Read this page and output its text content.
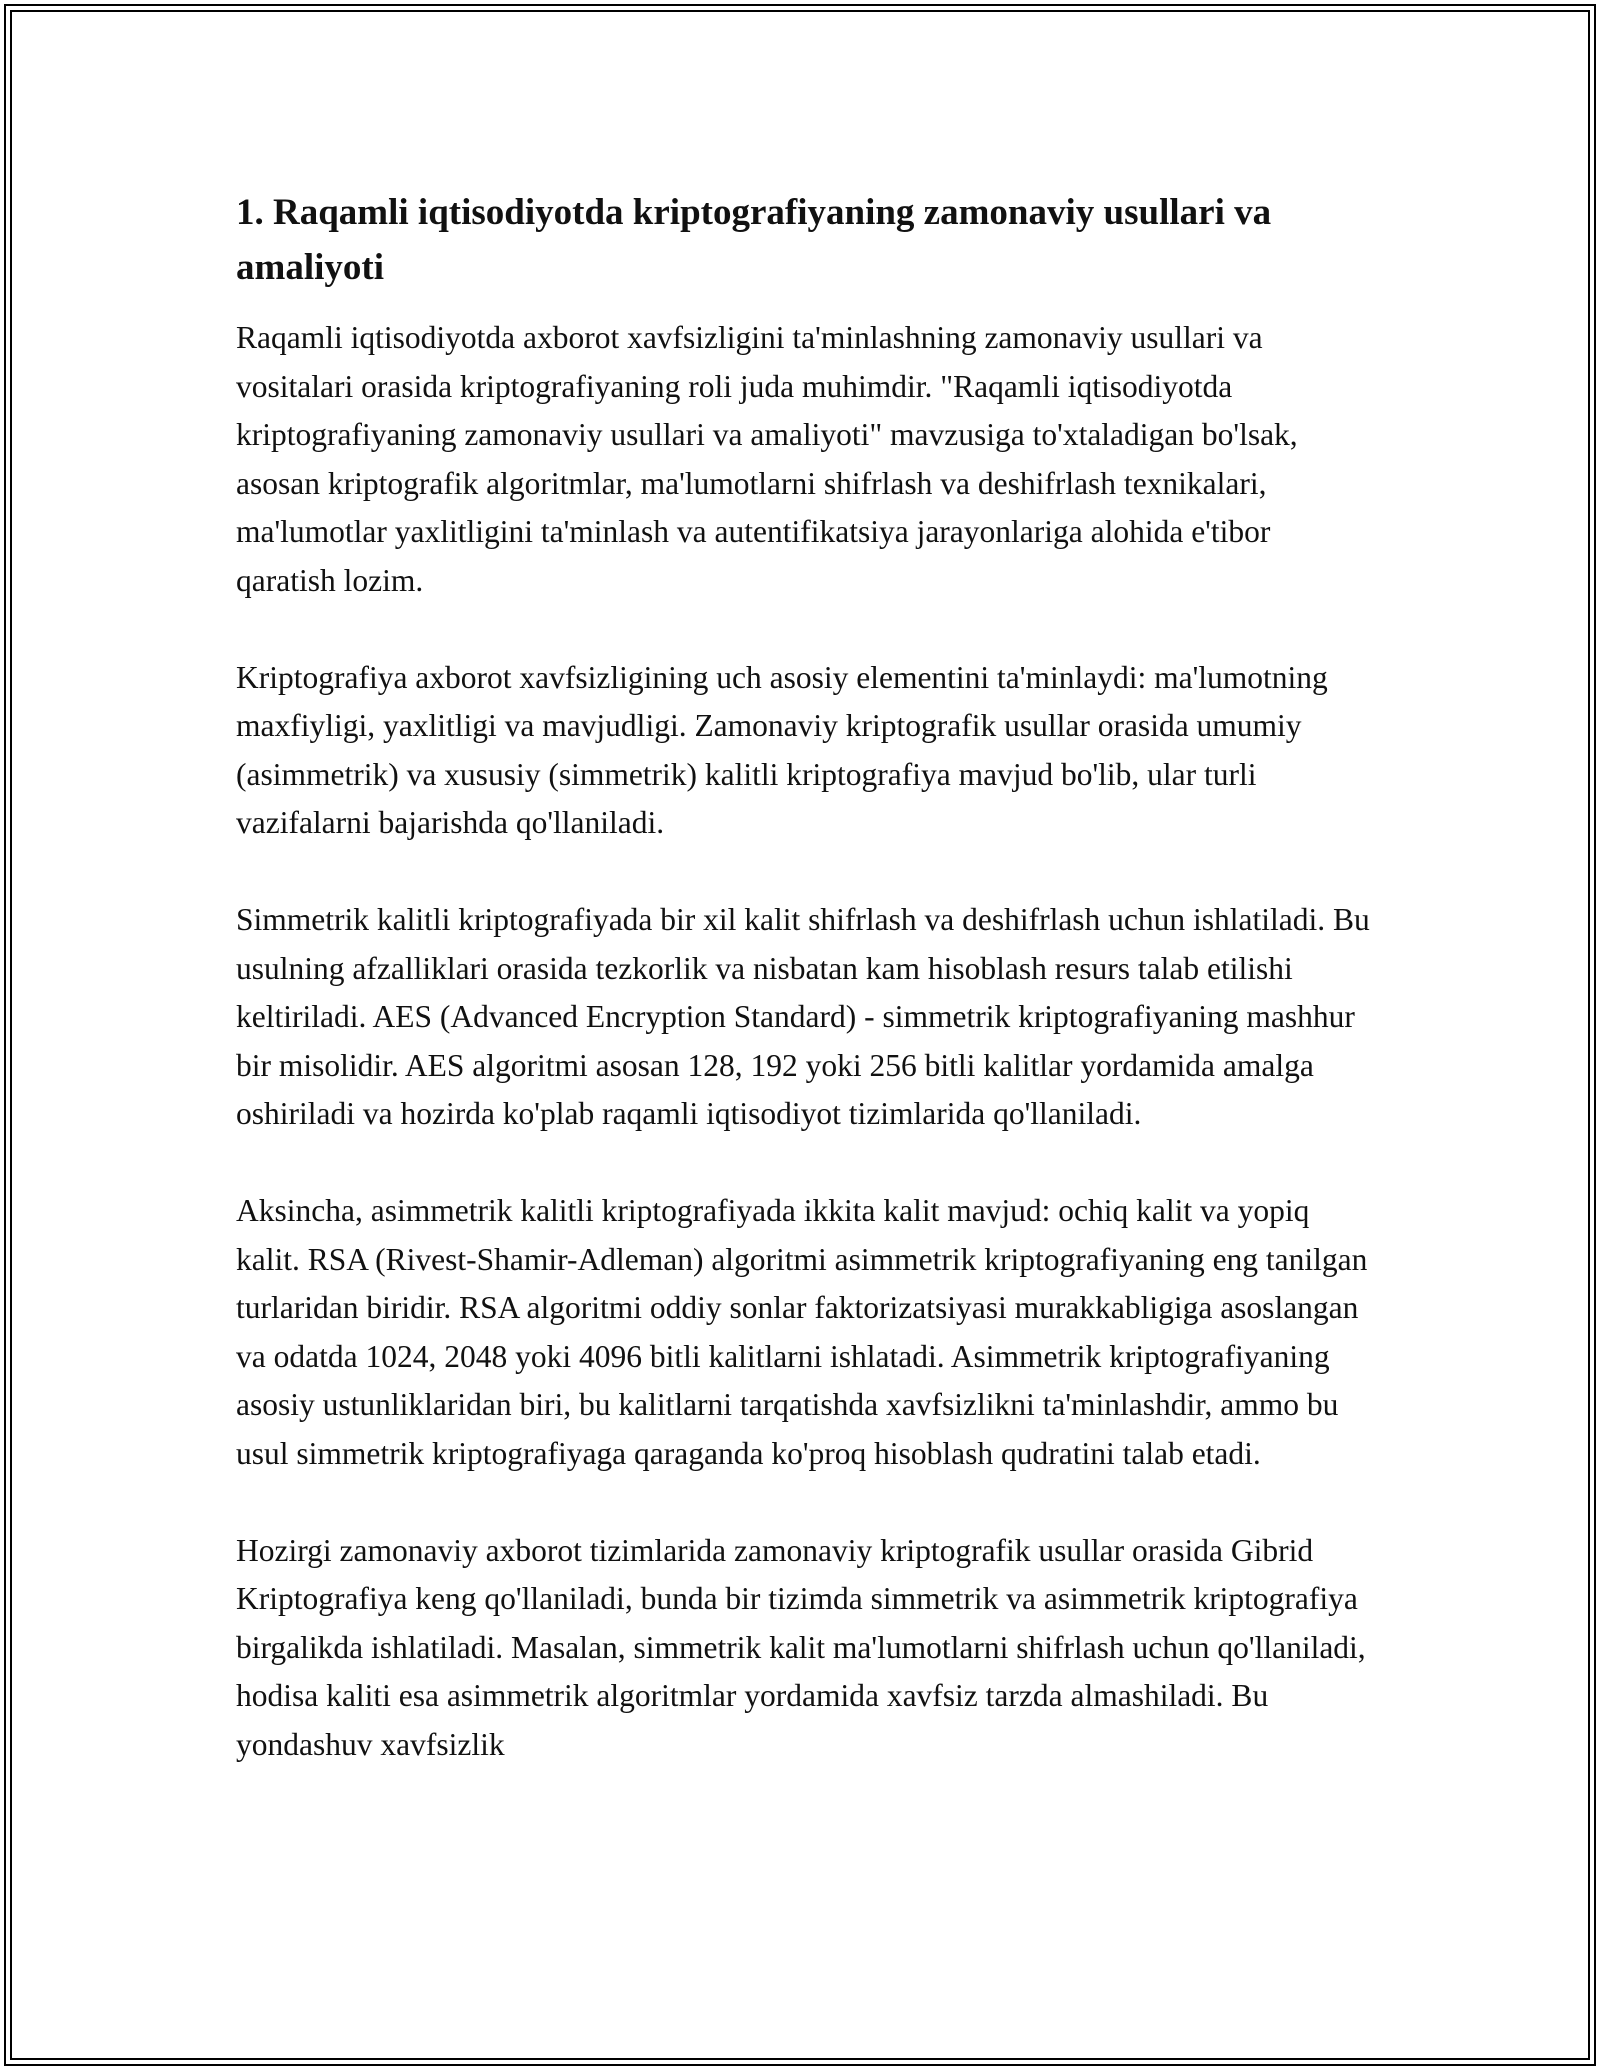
1. Raqamli iqtisodiyotda kriptografiyaning zamonaviy usullari va amaliyoti

Raqamli iqtisodiyotda axborot xavfsizligini ta'minlashning zamonaviy usullari va vositalari orasida kriptografiyaning roli juda muhimdir. "Raqamli iqtisodiyotda kriptografiyaning zamonaviy usullari va amaliyoti" mavzusiga to'xtaladigan bo'lsak, asosan kriptografik algoritmlar, ma'lumotlarni shifrlash va deshifrlash texnikalari, ma'lumotlar yaxlitligini ta'minlash va autentifikatsiya jarayonlariga alohida e'tibor qaratish lozim.

Kriptografiya axborot xavfsizligining uch asosiy elementini ta'minlaydi: ma'lumotning maxfiyligi, yaxlitligi va mavjudligi. Zamonaviy kriptografik usullar orasida umumiy (asimmetrik) va xususiy (simmetrik) kalitli kriptografiya mavjud bo'lib, ular turli vazifalarni bajarishda qo'llaniladi.

Simmetrik kalitli kriptografiyada bir xil kalit shifrlash va deshifrlash uchun ishlatiladi. Bu usulning afzalliklari orasida tezkorlik va nisbatan kam hisoblash resurs talab etilishi keltiriladi. AES (Advanced Encryption Standard) - simmetrik kriptografiyaning mashhur bir misolidir. AES algoritmi asosan 128, 192 yoki 256 bitli kalitlar yordamida amalga oshiriladi va hozirda ko'plab raqamli iqtisodiyot tizimlarida qo'llaniladi.

Aksincha, asimmetrik kalitli kriptografiyada ikkita kalit mavjud: ochiq kalit va yopiq kalit. RSA (Rivest-Shamir-Adleman) algoritmi asimmetrik kriptografiyaning eng tanilgan turlaridan biridir. RSA algoritmi oddiy sonlar faktorizatsiyasi murakkabligiga asoslangan va odatda 1024, 2048 yoki 4096 bitli kalitlarni ishlatadi. Asimmetrik kriptografiyaning asosiy ustunliklaridan biri, bu kalitlarni tarqatishda xavfsizlikni ta'minlashdir, ammo bu usul simmetrik kriptografiyaga qaraganda ko'proq hisoblash qudratini talab etadi.

Hozirgi zamonaviy axborot tizimlarida zamonaviy kriptografik usullar orasida Gibrid Kriptografiya keng qo'llaniladi, bunda bir tizimda simmetrik va asimmetrik kriptografiya birgalikda ishlatiladi. Masalan, simmetrik kalit ma'lumotlarni shifrlash uchun qo'llaniladi, hodisa kaliti esa asimmetrik algoritmlar yordamida xavfsiz tarzda almashiladi. Bu yondashuv xavfsizlik
